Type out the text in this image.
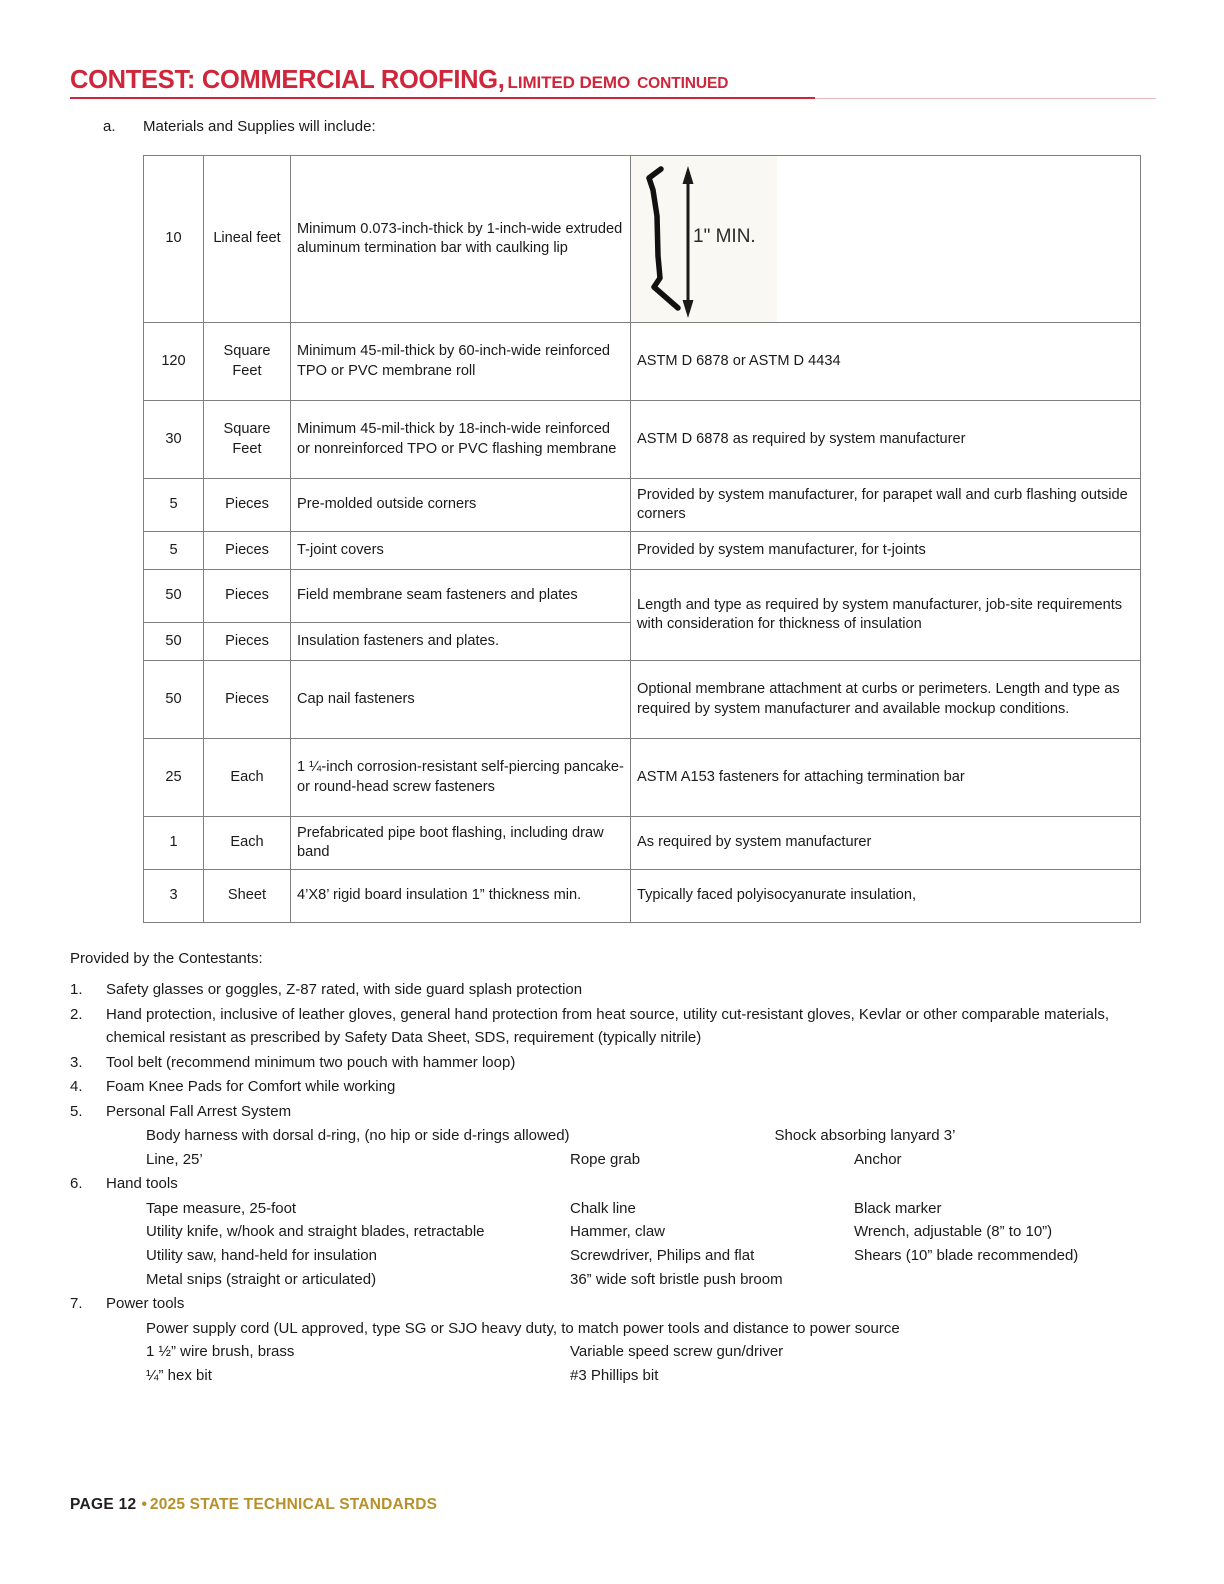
CONTEST: COMMERCIAL ROOFING, LIMITED DEMO CONTINUED
a. Materials and Supplies will include:
10	Lineal feet	Minimum 0.073-inch-thick by 1-inch-wide extruded aluminum termination bar with caulking lip	1" MIN.

120	Square Feet	Minimum 45-mil-thick by 60-inch-wide reinforced TPO or PVC membrane roll	ASTM D 6878 or ASTM D 4434
30	Square Feet	Minimum 45-mil-thick by 18-inch-wide reinforced or nonreinforced TPO or PVC flashing membrane	ASTM D 6878 as required by system manufacturer
5	Pieces	Pre-molded outside corners	Provided by system manufacturer, for parapet wall and curb flashing outside corners
5	Pieces	T-joint covers	Provided by system manufacturer, for t-joints
50	Pieces	Field membrane seam fasteners and plates	Length and type as required by system manufacturer, job-site requirements with consideration for thickness of insulation
50	Pieces	Insulation fasteners and plates.	
50	Pieces	Cap nail fasteners	Optional membrane attachment at curbs or perimeters. Length and type as required by system manufacturer and available mockup conditions.
25	Each	1 ¼-inch corrosion-resistant self-piercing pancake- or round-head screw fasteners	ASTM A153 fasteners for attaching termination bar
1	Each	Prefabricated pipe boot flashing, including draw band	As required by system manufacturer
3	Sheet	4’X8’ rigid board insulation 1” thickness min.	Typically faced polyisocyanurate insulation,
Provided by the Contestants:
1.	Safety glasses or goggles, Z-87 rated, with side guard splash protection
2.	Hand protection, inclusive of leather gloves, general hand protection from heat source, utility cut-resistant gloves, Kevlar or other comparable materials, chemical resistant as prescribed by Safety Data Sheet, SDS, requirement (typically nitrile)
3.	Tool belt (recommend minimum two pouch with hammer loop)
4.	Foam Knee Pads for Comfort while working
5.	Personal Fall Arrest System
Body harness with dorsal d-ring, (no hip or side d-rings allowed)	Shock absorbing lanyard 3’
Line, 25’	Rope grab	Anchor
6.	Hand tools
Tape measure, 25-foot	Chalk line	Black marker
Utility knife, w/hook and straight blades, retractable	Hammer, claw	Wrench, adjustable (8” to 10”)
Utility saw, hand-held for insulation	Screwdriver, Philips and flat	Shears (10” blade recommended)
Metal snips (straight or articulated)	36” wide soft bristle push broom
7.	Power tools
Power supply cord (UL approved, type SG or SJO heavy duty, to match power tools and distance to power source
1 ½” wire brush, brass	Variable speed screw gun/driver
¼” hex bit	#3 Phillips bit
PAGE 12 • 2025 STATE TECHNICAL STANDARDS
